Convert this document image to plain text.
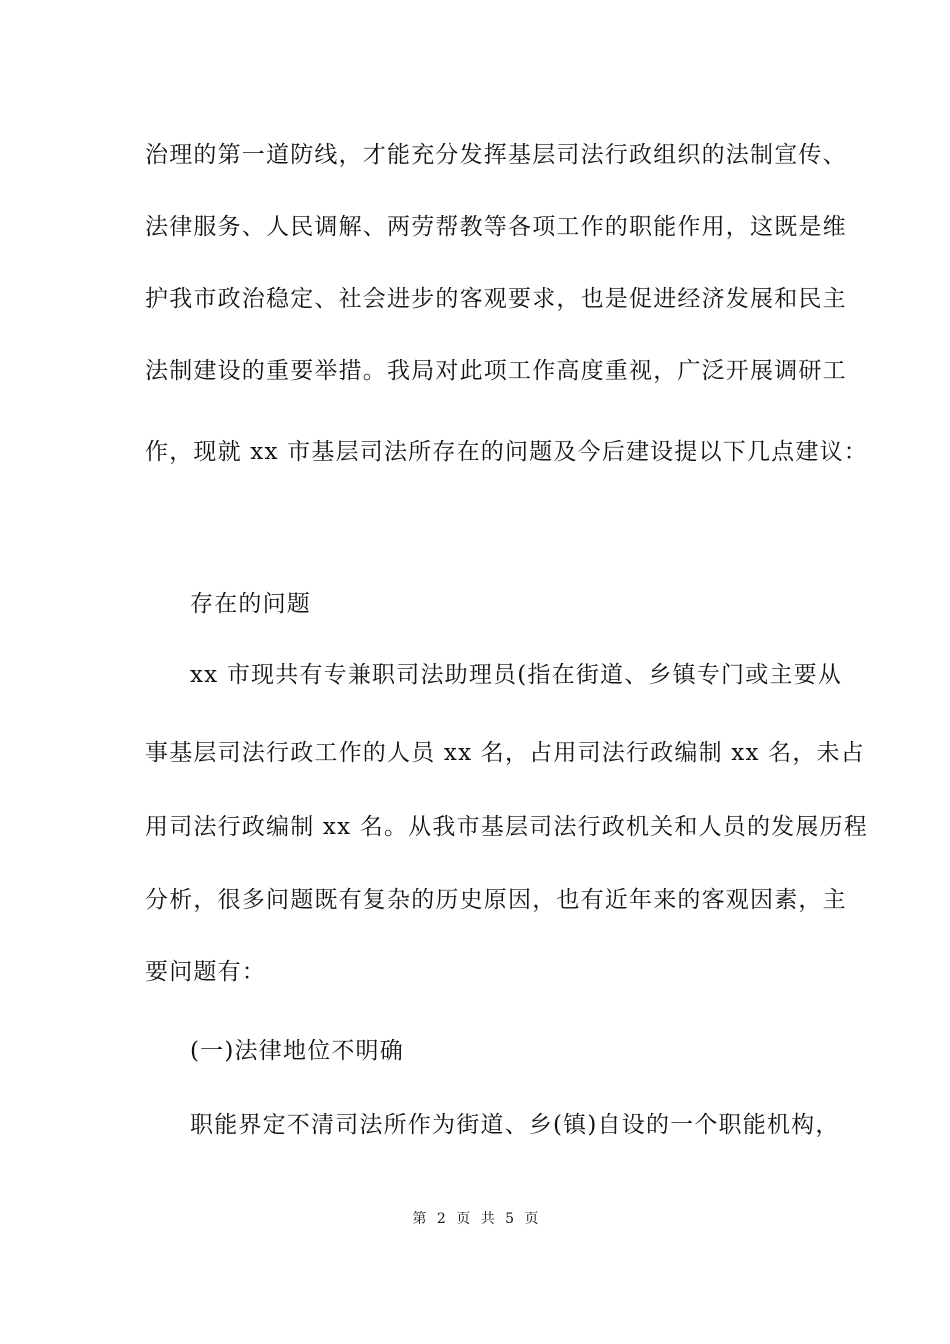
治理的第一道防线，才能充分发挥基层司法行政组织的法制宣传、
法律服务、人民调解、两劳帮教等各项工作的职能作用，这既是维
护我市政治稳定、社会进步的客观要求，也是促进经济发展和民主
法制建设的重要举措。我局对此项工作高度重视，广泛开展调研工
作，现就 xx 市基层司法所存在的问题及今后建设提以下几点建议：
存在的问题
xx 市现共有专兼职司法助理员(指在街道、乡镇专门或主要从
事基层司法行政工作的人员 xx 名，占用司法行政编制 xx 名，未占
用司法行政编制 xx 名。从我市基层司法行政机关和人员的发展历程
分析，很多问题既有复杂的历史原因，也有近年来的客观因素，主
要问题有：
(一)法律地位不明确
职能界定不清司法所作为街道、乡(镇)自设的一个职能机构，
第 2 页 共 5 页
